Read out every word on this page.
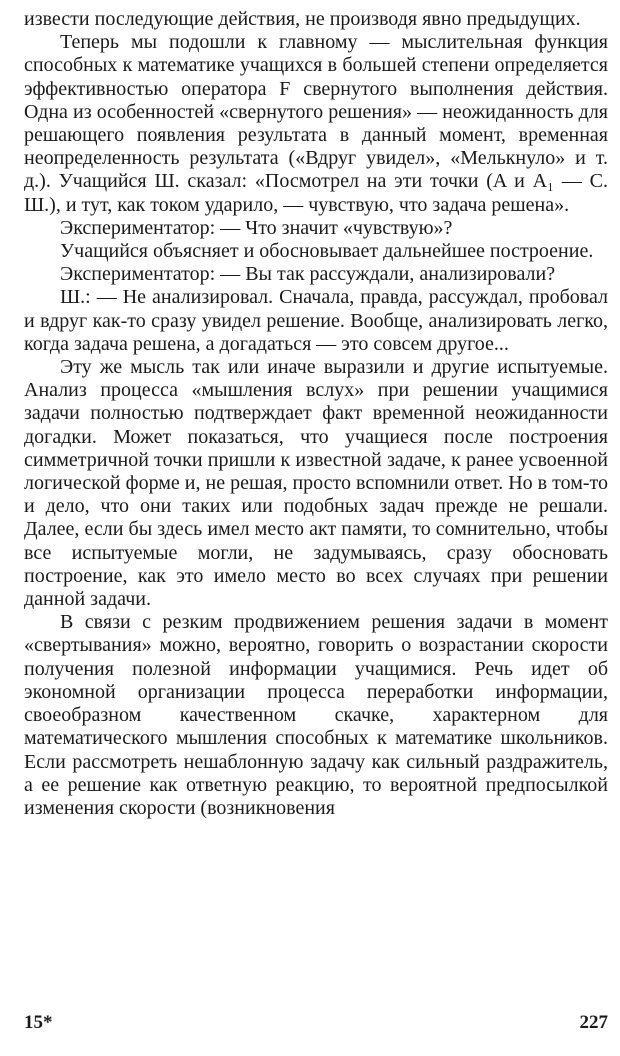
извести последующие действия, не производя явно предыдущих.

Теперь мы подошли к главному — мыслительная функция способных к математике учащихся в большей степени определяется эффективностью оператора F свернутого выполнения действия. Одна из особенностей «свернутого решения» — неожиданность для решающего появления результата в данный момент, временная неопределенность результата («Вдруг увидел», «Мелькнуло» и т. д.). Учащийся Ш. сказал: «Посмотрел на эти точки (A и A₁ — С. Ш.), и тут, как током ударило, — чувствую, что задача решена».

Экспериментатор: — Что значит «чувствую»?

Учащийся объясняет и обосновывает дальнейшее построение.

Экспериментатор: — Вы так рассуждали, анализировали?

Ш.: — Не анализировал. Сначала, правда, рассуждал, пробовал и вдруг как-то сразу увидел решение. Вообще, анализировать легко, когда задача решена, а догадаться — это совсем другое...

Эту же мысль так или иначе выразили и другие испытуемые. Анализ процесса «мышления вслух» при решении учащимися задачи полностью подтверждает факт временной неожиданности догадки. Может показаться, что учащиеся после построения симметричной точки пришли к известной задаче, к ранее усвоенной логической форме и, не решая, просто вспомнили ответ. Но в том-то и дело, что они таких или подобных задач прежде не решали. Далее, если бы здесь имел место акт памяти, то сомнительно, чтобы все испытуемые могли, не задумываясь, сразу обосновать построение, как это имело место во всех случаях при решении данной задачи.

В связи с резким продвижением решения задачи в момент «свертывания» можно, вероятно, говорить о возрастании скорости получения полезной информации учащимися. Речь идет об экономной организации процесса переработки информации, своеобразном качественном скачке, характерном для математического мышления способных к математике школьников. Если рассмотреть нешаблонную задачу как сильный раздражитель, а ее решение как ответную реакцию, то вероятной предпосылкой изменения скорости (возникновения

15*	227
